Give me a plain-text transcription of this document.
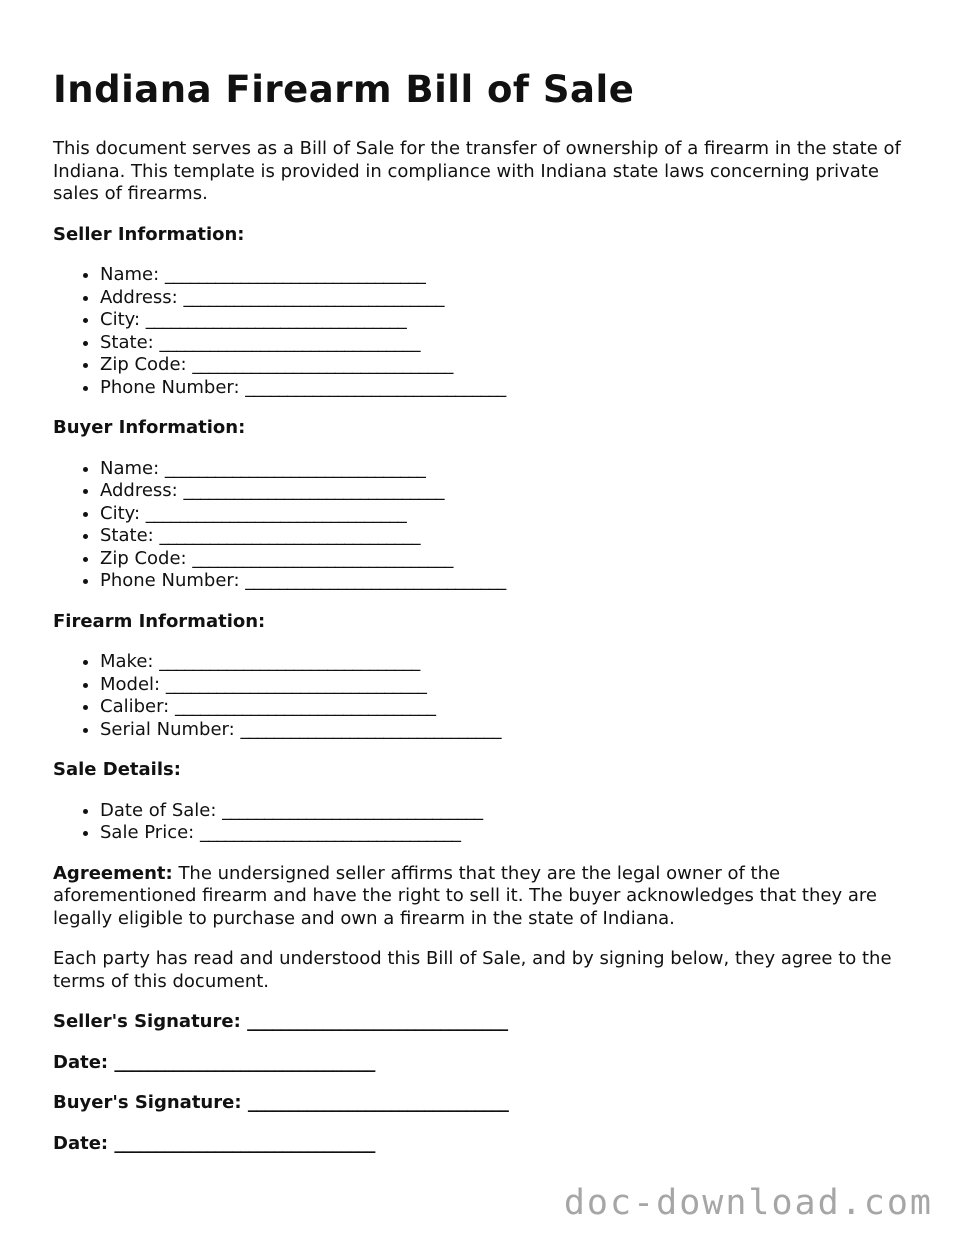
Indiana Firearm Bill of Sale

This document serves as a Bill of Sale for the transfer of ownership of a firearm in the state of Indiana. This template is provided in compliance with Indiana state laws concerning private sales of firearms.

Seller Information:
• Name: _______________________________
• Address: _______________________________
• City: _______________________________
• State: _______________________________
• Zip Code: _______________________________
• Phone Number: _______________________________
Buyer Information:
• Name: _______________________________
• Address: _______________________________
• City: _______________________________
• State: _______________________________
• Zip Code: _______________________________
• Phone Number: _______________________________
Firearm Information:
• Make: _______________________________
• Model: _______________________________
• Caliber: _______________________________
• Serial Number: _______________________________
Sale Details:
• Date of Sale: _______________________________
• Sale Price: _______________________________

Agreement: The undersigned seller affirms that they are the legal owner of the aforementioned firearm and have the right to sell it. The buyer acknowledges that they are legally eligible to purchase and own a firearm in the state of Indiana.

Each party has read and understood this Bill of Sale, and by signing below, they agree to the terms of this document.

Seller's Signature: _______________________________
Date: _______________________________
Buyer's Signature: _______________________________
Date: _______________________________
doc-download.com
